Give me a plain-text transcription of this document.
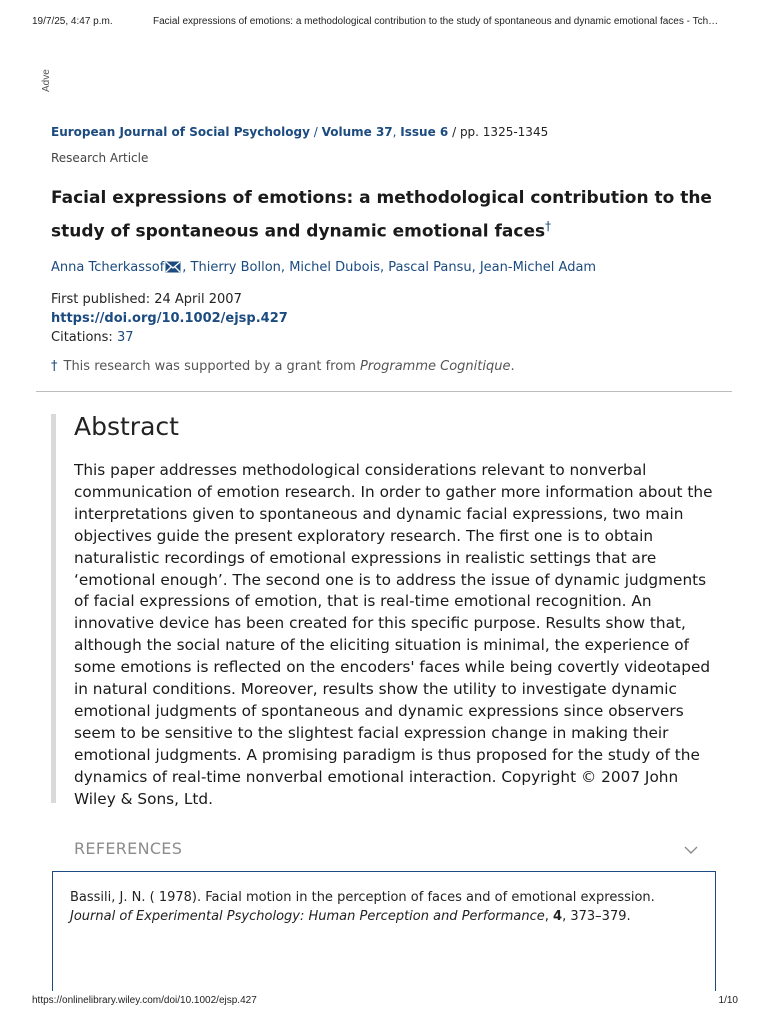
19/7/25, 4:47 p.m.	Facial expressions of emotions: a methodological contribution to the study of spontaneous and dynamic emotional faces - Tch…
Adve
European Journal of Social Psychology / Volume 37, Issue 6 / pp. 1325-1345
Research Article
Facial expressions of emotions: a methodological contribution to the study of spontaneous and dynamic emotional faces†
Anna Tcherkassof , Thierry Bollon, Michel Dubois, Pascal Pansu, Jean-Michel Adam
First published: 24 April 2007
https://doi.org/10.1002/ejsp.427
Citations: 37
† This research was supported by a grant from Programme Cognitique.
Abstract

This paper addresses methodological considerations relevant to nonverbal communication of emotion research. In order to gather more information about the interpretations given to spontaneous and dynamic facial expressions, two main objectives guide the present exploratory research. The first one is to obtain naturalistic recordings of emotional expressions in realistic settings that are ‘emotional enough’. The second one is to address the issue of dynamic judgments of facial expressions of emotion, that is real-time emotional recognition. An innovative device has been created for this specific purpose. Results show that, although the social nature of the eliciting situation is minimal, the experience of some emotions is reflected on the encoders' faces while being covertly videotaped in natural conditions. Moreover, results show the utility to investigate dynamic emotional judgments of spontaneous and dynamic expressions since observers seem to be sensitive to the slightest facial expression change in making their emotional judgments. A promising paradigm is thus proposed for the study of the dynamics of real-time nonverbal emotional interaction. Copyright © 2007 John Wiley & Sons, Ltd.

REFERENCES

Bassili, J. N. ( 1978). Facial motion in the perception of faces and of emotional expression. Journal of Experimental Psychology: Human Perception and Performance, 4, 373–379.

https://onlinelibrary.wiley.com/doi/10.1002/ejsp.427	1/10
